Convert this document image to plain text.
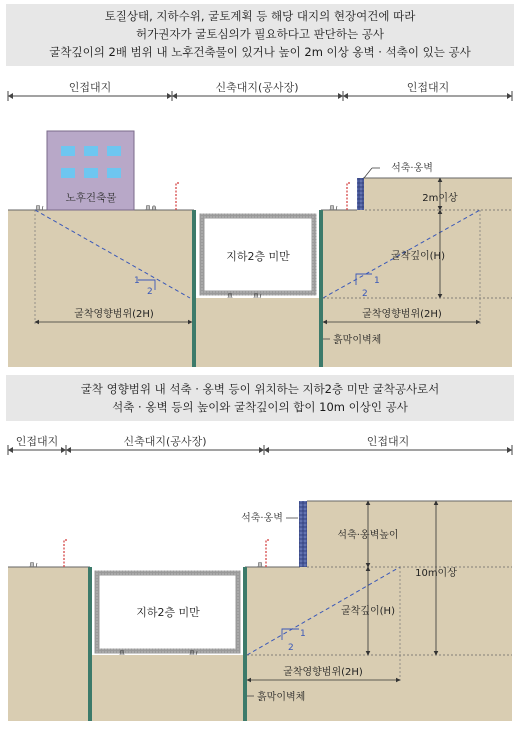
토질상태, 지하수위, 굴토계획 등 해당 대지의 현장여건에 따라
허가권자가 굴토심의가 필요하다고 판단하는 공사
굴착깊이의 2배 범위 내 노후건축물이 있거나 높이 2m 이상 옹벽 · 석축이 있는 공사
굴착 영향범위 내 석축 · 옹벽 등이 위치하는 지하2층 미만 굴착공사로서
석축 · 옹벽 등의 높이와 굴착깊이의 합이 10m 이상인 공사
인접대지	신축대지(공사장)	인접대지
노후건축물
석축·옹벽
2m이상
지하2층 미만
1
2
1
2
굴착깊이(H)
굴착영향범위(2H)	굴착영향범위(2H)
흙막이벽체
인접대지	신축대지(공사장)	인접대지
석축·옹벽
지하2층 미만
1
2
석축·옹벽높이
굴착깊이(H)
10m이상
굴착영향범위(2H)
흙막이벽체
